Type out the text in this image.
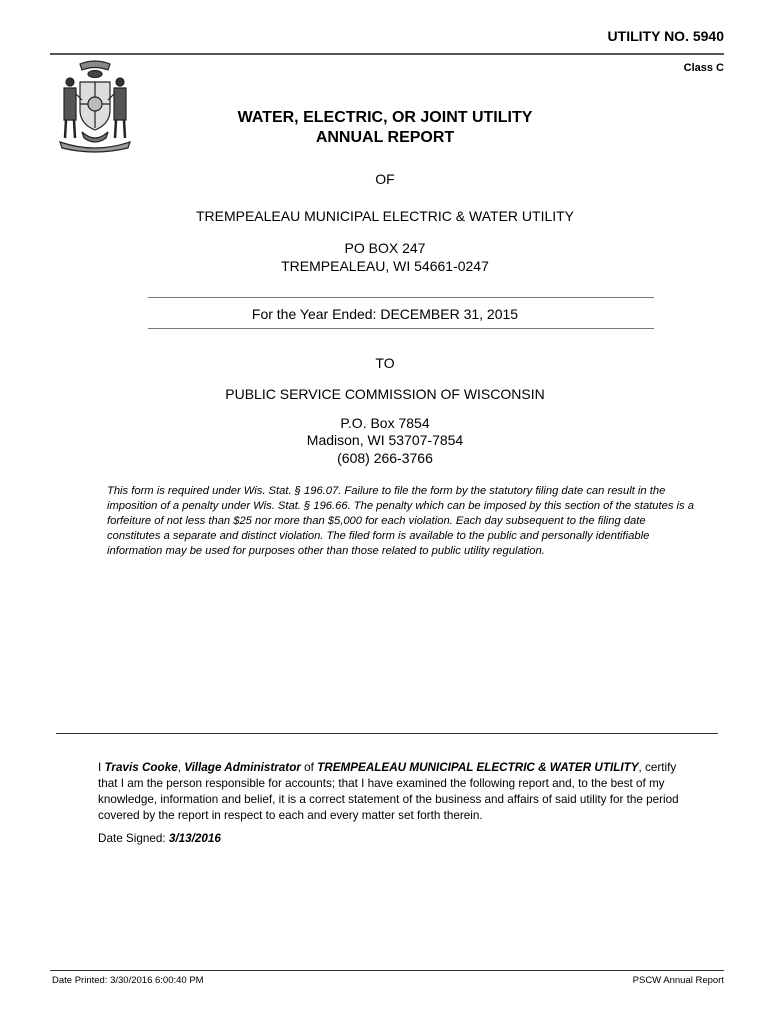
UTILITY NO. 5940
Class C
WATER, ELECTRIC, OR JOINT UTILITY
ANNUAL REPORT
OF
TREMPEALEAU MUNICIPAL ELECTRIC & WATER UTILITY
PO BOX 247
TREMPEALEAU, WI 54661-0247
For the Year Ended: DECEMBER 31, 2015
TO
PUBLIC SERVICE COMMISSION OF WISCONSIN
P.O. Box 7854
Madison, WI 53707-7854
(608) 266-3766
This form is required under Wis. Stat. § 196.07. Failure to file the form by the statutory filing date can result in the imposition of a penalty under Wis. Stat. § 196.66. The penalty which can be imposed by this section of the statutes is a forfeiture of not less than $25 nor more than $5,000 for each violation. Each day subsequent to the filing date constitutes a separate and distinct violation. The filed form is available to the public and personally identifiable information may be used for purposes other than those related to public utility regulation.
I Travis Cooke, Village Administrator of TREMPEALEAU MUNICIPAL ELECTRIC & WATER UTILITY, certify that I am the person responsible for accounts; that I have examined the following report and, to the best of my knowledge, information and belief, it is a correct statement of the business and affairs of said utility for the period covered by the report in respect to each and every matter set forth therein.
Date Signed: 3/13/2016
Date Printed: 3/30/2016 6:00:40 PM	PSCW Annual Report
